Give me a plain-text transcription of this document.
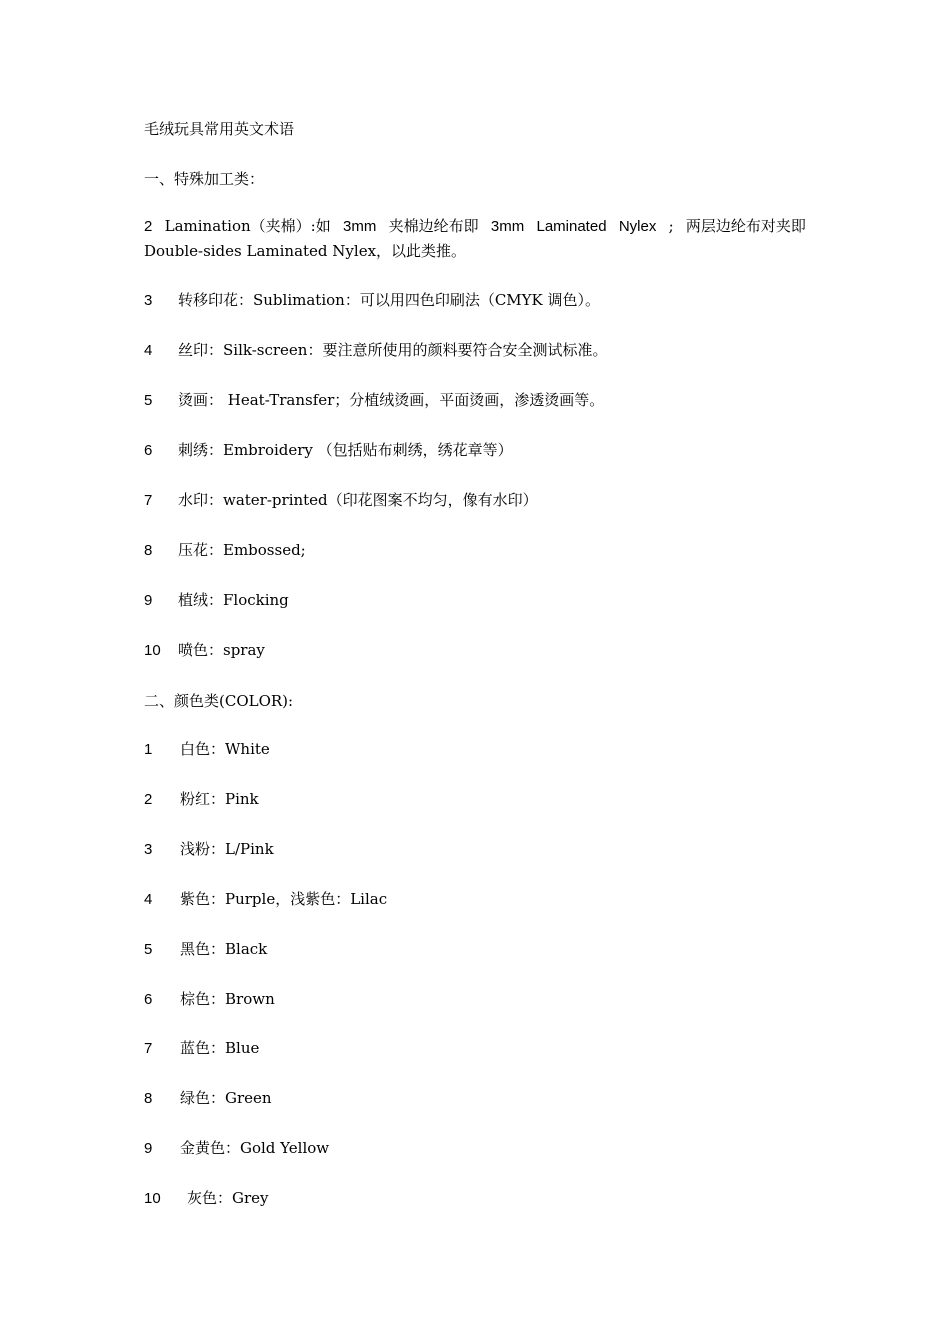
毛绒玩具常用英文术语
一、特殊加工类：
2 Lamination（夹棉）:如 3mm 夹棉边纶布即 3mm Laminated Nylex ; 两层边纶布对夹即
Double-sides Laminated Nylex，以此类推。
3 转移印花：Sublimation：可以用四色印刷法（CMYK 调色）。
4 丝印：Silk-screen：要注意所使用的颜料要符合安全测试标准。
5 烫画： Heat-Transfer；分植绒烫画，平面烫画，渗透烫画等。
6 刺绣：Embroidery （包括贴布刺绣，绣花章等）
7 水印：water-printed（印花图案不均匀，像有水印）
8 压花：Embossed;
9 植绒：Flocking
10 喷色：spray
二、颜色类(COLOR):
1 白色：White
2 粉红：Pink
3 浅粉：L/Pink
4 紫色：Purple，浅紫色：Lilac
5 黑色：Black
6 棕色：Brown
7 蓝色：Blue
8 绿色：Green
9 金黄色：Gold Yellow
10 灰色：Grey
